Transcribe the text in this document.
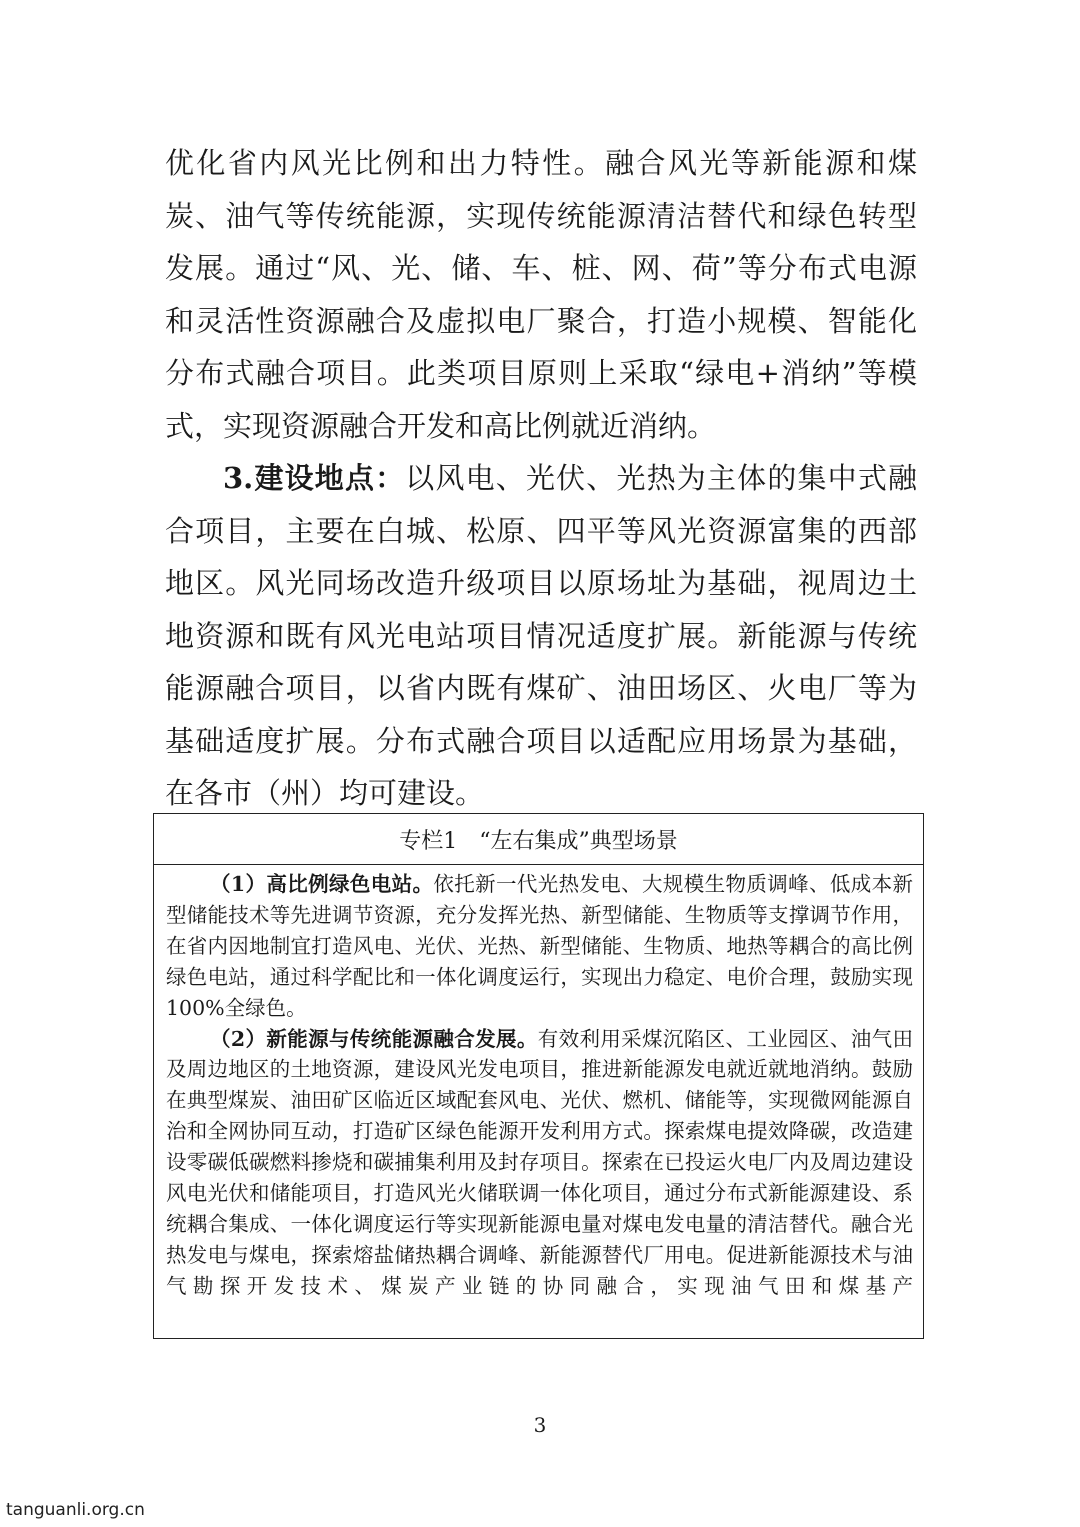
优化省内风光比例和出力特性。融合风光等新能源和煤炭、油气等传统能源，实现传统能源清洁替代和绿色转型发展。通过“风、光、储、车、桩、网、荷”等分布式电源和灵活性资源融合及虚拟电厂聚合，打造小规模、智能化分布式融合项目。此类项目原则上采取“绿电+消纳”等模式，实现资源融合开发和高比例就近消纳。

3.建设地点：以风电、光伏、光热为主体的集中式融合项目，主要在白城、松原、四平等风光资源富集的西部地区。风光同场改造升级项目以原场址为基础，视周边土地资源和既有风光电站项目情况适度扩展。新能源与传统能源融合项目，以省内既有煤矿、油田场区、火电厂等为基础适度扩展。分布式融合项目以适配应用场景为基础，在各市（州）均可建设。

专栏1　“左右集成”典型场景

（1）高比例绿色电站。依托新一代光热发电、大规模生物质调峰、低成本新型储能技术等先进调节资源，充分发挥光热、新型储能、生物质等支撑调节作用，在省内因地制宜打造风电、光伏、光热、新型储能、生物质、地热等耦合的高比例绿色电站，通过科学配比和一体化调度运行，实现出力稳定、电价合理，鼓励实现100%全绿色。

（2）新能源与传统能源融合发展。有效利用采煤沉陷区、工业园区、油气田及周边地区的土地资源，建设风光发电项目，推进新能源发电就近就地消纳。鼓励在典型煤炭、油田矿区临近区域配套风电、光伏、燃机、储能等，实现微网能源自治和全网协同互动，打造矿区绿色能源开发利用方式。探索煤电提效降碳，改造建设零碳低碳燃料掺烧和碳捕集利用及封存项目。探索在已投运火电厂内及周边建设风电光伏和储能项目，打造风光火储联调一体化项目，通过分布式新能源建设、系统耦合集成、一体化调度运行等实现新能源电量对煤电发电量的清洁替代。融合光热发电与煤电，探索熔盐储热耦合调峰、新能源替代厂用电。促进新能源技术与油气勘探开发技术、煤炭产业链的协同融合，实现油气田和煤基产

3
tanguanli.org.cn
